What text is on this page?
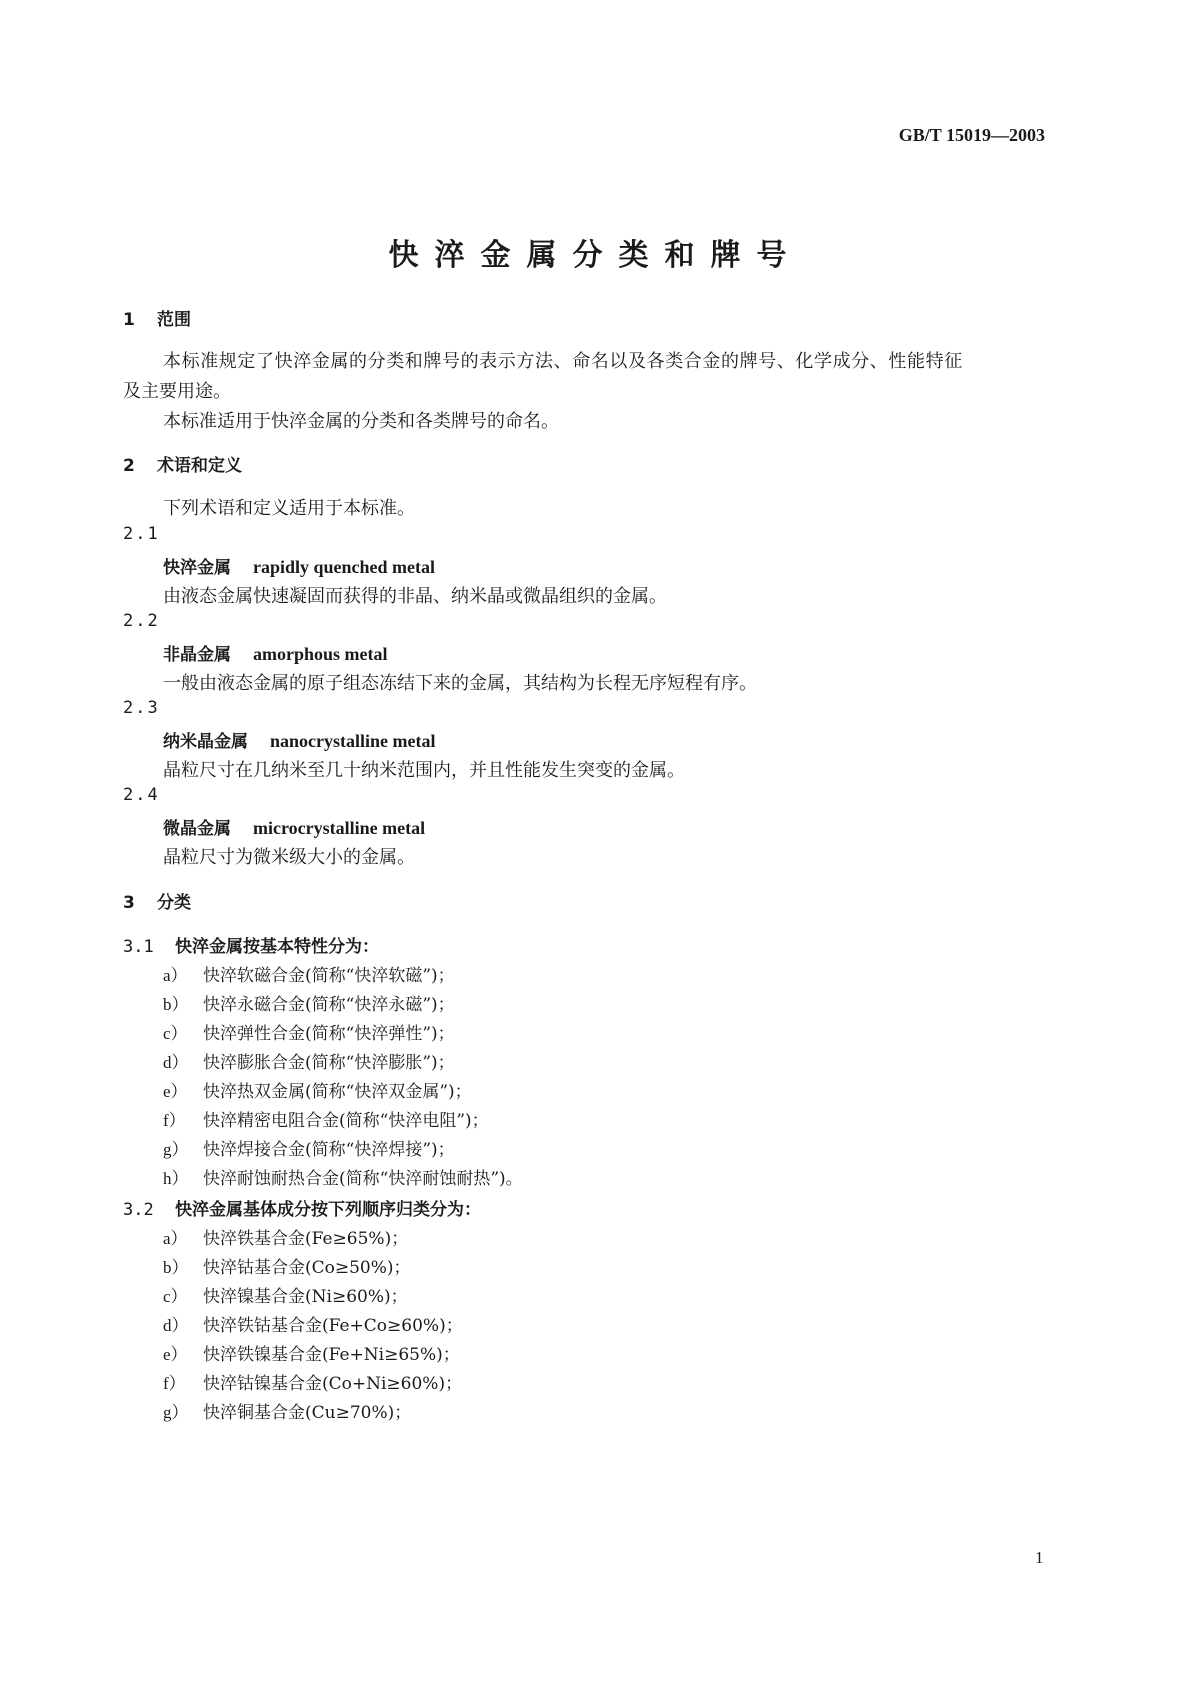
GB/T 15019—2003
快淬金属分类和牌号
1 范围
本标准规定了快淬金属的分类和牌号的表示方法、命名以及各类合金的牌号、化学成分、性能特征
及主要用途。
本标准适用于快淬金属的分类和各类牌号的命名。
2 术语和定义
下列术语和定义适用于本标准。
2.1
快淬金属 rapidly quenched metal
由液态金属快速凝固而获得的非晶、纳米晶或微晶组织的金属。
2.2
非晶金属 amorphous metal
一般由液态金属的原子组态冻结下来的金属，其结构为长程无序短程有序。
2.3
纳米晶金属 nanocrystalline metal
晶粒尺寸在几纳米至几十纳米范围内，并且性能发生突变的金属。
2.4
微晶金属 microcrystalline metal
晶粒尺寸为微米级大小的金属。
3 分类
3.1 快淬金属按基本特性分为：
a） 快淬软磁合金(简称“快淬软磁”)；
b） 快淬永磁合金(简称“快淬永磁”)；
c） 快淬弹性合金(简称“快淬弹性”)；
d） 快淬膨胀合金(简称“快淬膨胀”)；
e） 快淬热双金属(简称“快淬双金属”)；
f） 快淬精密电阻合金(简称“快淬电阻”)；
g） 快淬焊接合金(简称“快淬焊接”)；
h） 快淬耐蚀耐热合金(简称“快淬耐蚀耐热”)。
3.2 快淬金属基体成分按下列顺序归类分为：
a） 快淬铁基合金(Fe≥65%)；
b） 快淬钴基合金(Co≥50%)；
c） 快淬镍基合金(Ni≥60%)；
d） 快淬铁钴基合金(Fe+Co≥60%)；
e） 快淬铁镍基合金(Fe+Ni≥65%)；
f） 快淬钴镍基合金(Co+Ni≥60%)；
g） 快淬铜基合金(Cu≥70%)；
1
